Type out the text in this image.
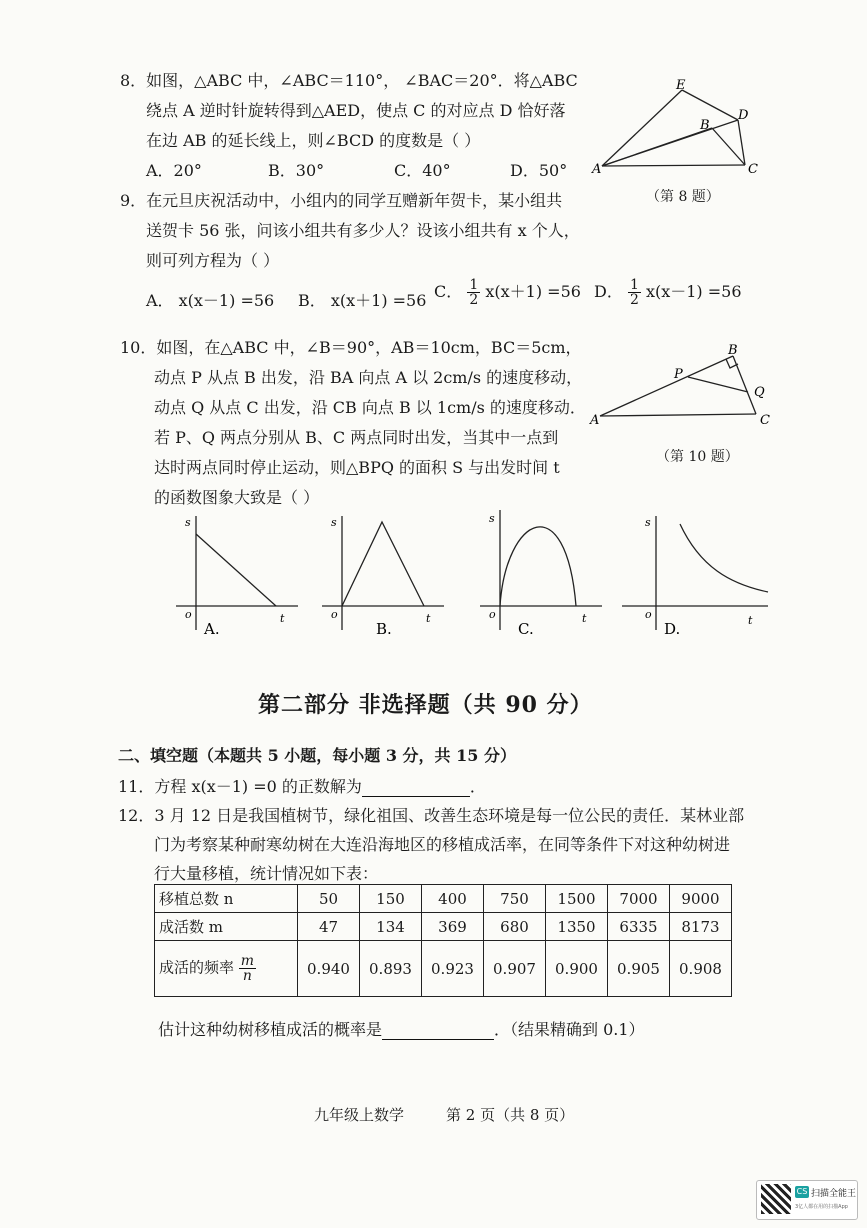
8．如图，△ABC 中，∠ABC＝110°， ∠BAC＝20°．将△ABC
绕点 A 逆时针旋转得到△AED，使点 C 的对应点 D 恰好落
在边 AB 的延长线上，则∠BCD 的度数是（ ）
A．20°	B．30°	C．40°	D．50°
E
B
D
A	C
（第 8 题）
9．在元旦庆祝活动中，小组内的同学互赠新年贺卡，某小组共
送贺卡 56 张，问该小组共有多少人？设该小组共有 x 个人，
则可列方程为（ ）
A． x(x－1) =56 B． x(x＋1) =56 C． $\frac{1}{2} x(x+1) =56$ D． $\frac{1}{2} x(x-1) =56$
10．如图，在△ABC 中，∠B＝90°，AB＝10cm，BC＝5cm，
动点 P 从点 B 出发，沿 BA 向点 A 以 2cm/s 的速度移动，
动点 Q 从点 C 出发，沿 CB 向点 B 以 1cm/s 的速度移动．
若 P、Q 两点分别从 B、C 两点同时出发，当其中一点到
达时两点同时停止运动，则△BPQ 的面积 S 与出发时间 t
的函数图象大致是（ ）
B
P
Q
A	C
（第 10 题）
s
o	t
A.
s
o	t
B.
s
o	t
C.
s
o	t
D.
第二部分 非选择题（共 90 分）
二、填空题（本题共 5 小题，每小题 3 分，共 15 分）
11．方程 x(x－1) =0 的正数解为	．
12．3 月 12 日是我国植树节，绿化祖国、改善生态环境是每一位公民的责任．某林业部
门为考察某种耐寒幼树在大连沿海地区的移植成活率，在同等条件下对这种幼树进
行大量移植，统计情况如下表：
移植总数 n	50	150	400	750	1500	7000	9000
成活数 m	47	134	369	680	1350	6335	8173
成活的频率 $\frac{m}{n}$	0.940	0.893	0.923	0.907	0.900	0.905	0.908
估计这种幼树移植成活的概率是	．（结果精确到 0.1）
九年级上数学	第 2 页（共 8 页）
CS 扫描全能王
3亿人都在用的扫描App
